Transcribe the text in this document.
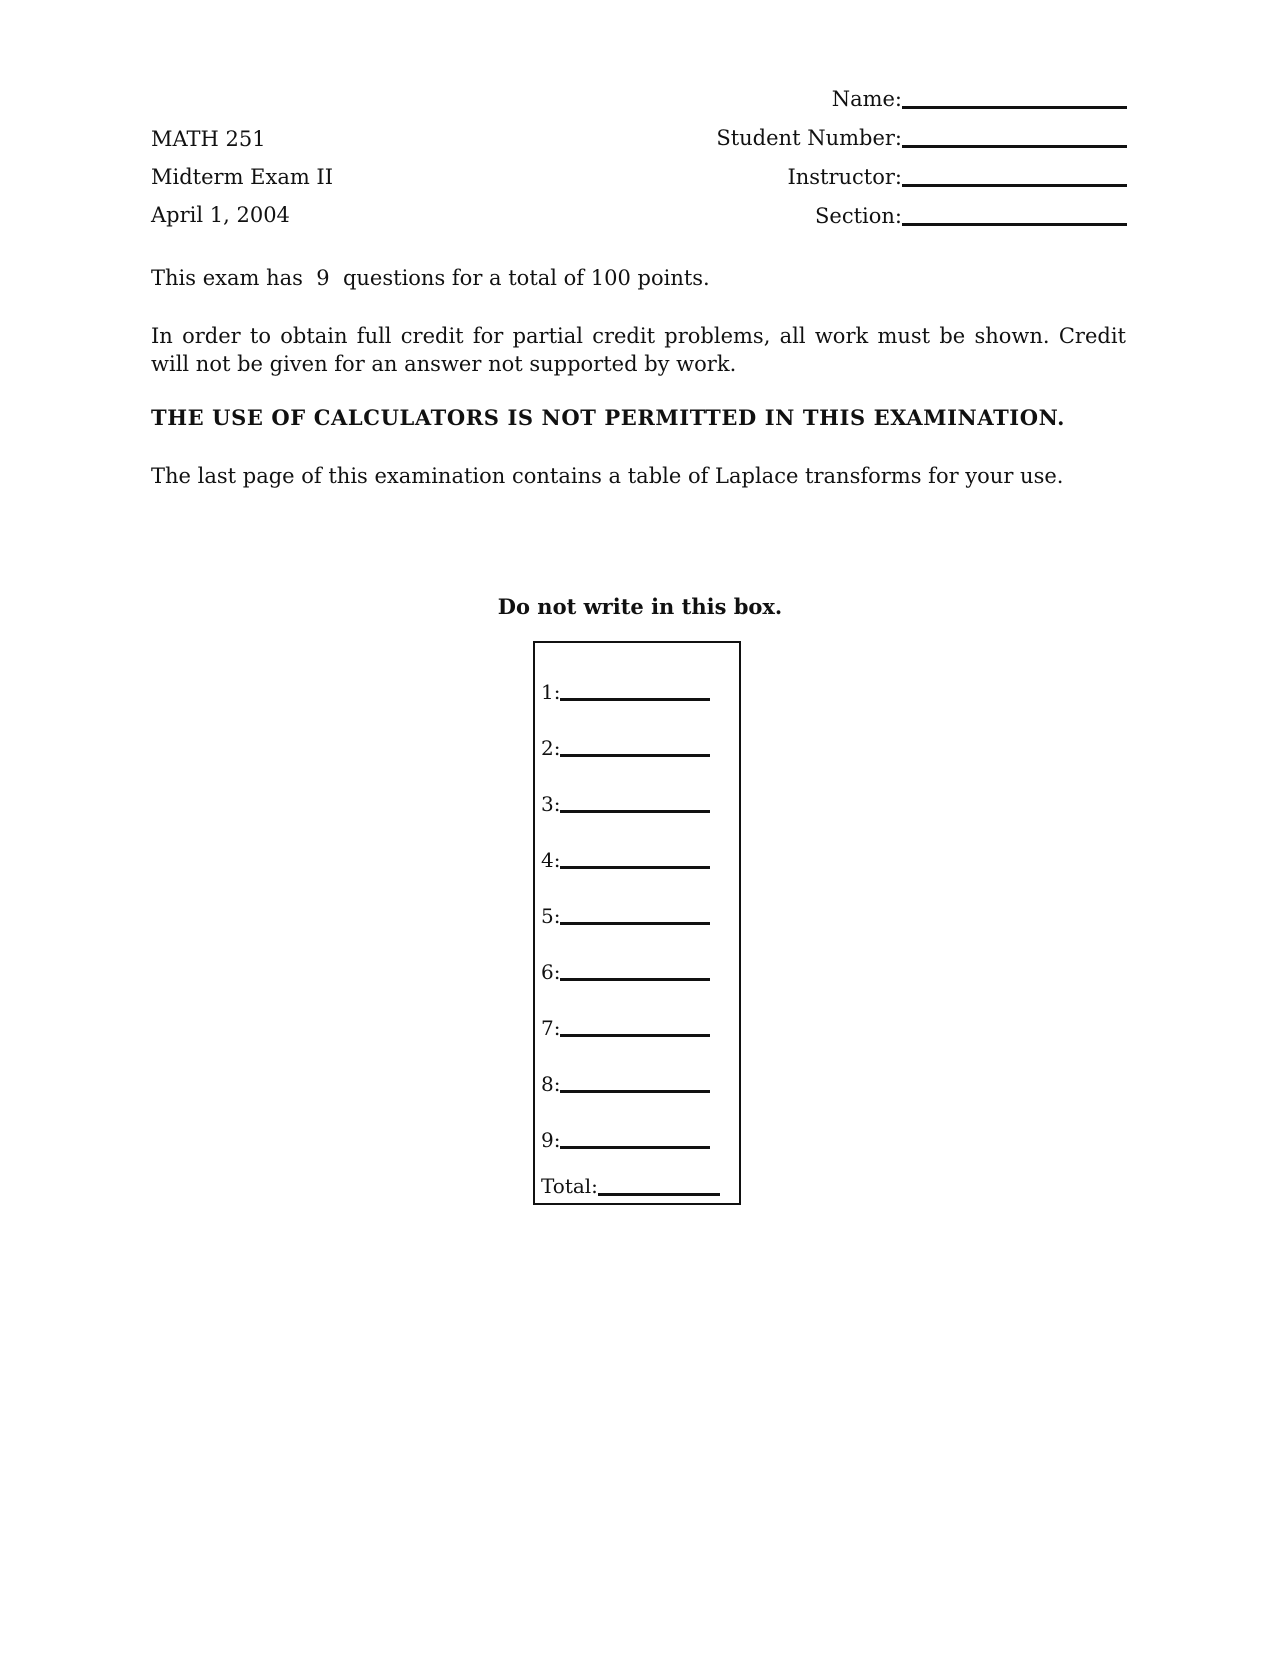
MATH 251
Midterm Exam II
April 1, 2004
Name:
Student Number:
Instructor:
Section:
This exam has  9  questions for a total of 100 points.
In order to obtain full credit for partial credit problems, all work must be shown. Credit will not be given for an answer not supported by work.
THE USE OF CALCULATORS IS NOT PERMITTED IN THIS EXAMINATION.
The last page of this examination contains a table of Laplace transforms for your use.
Do not write in this box.
1:
2:
3:
4:
5:
6:
7:
8:
9:
Total:
